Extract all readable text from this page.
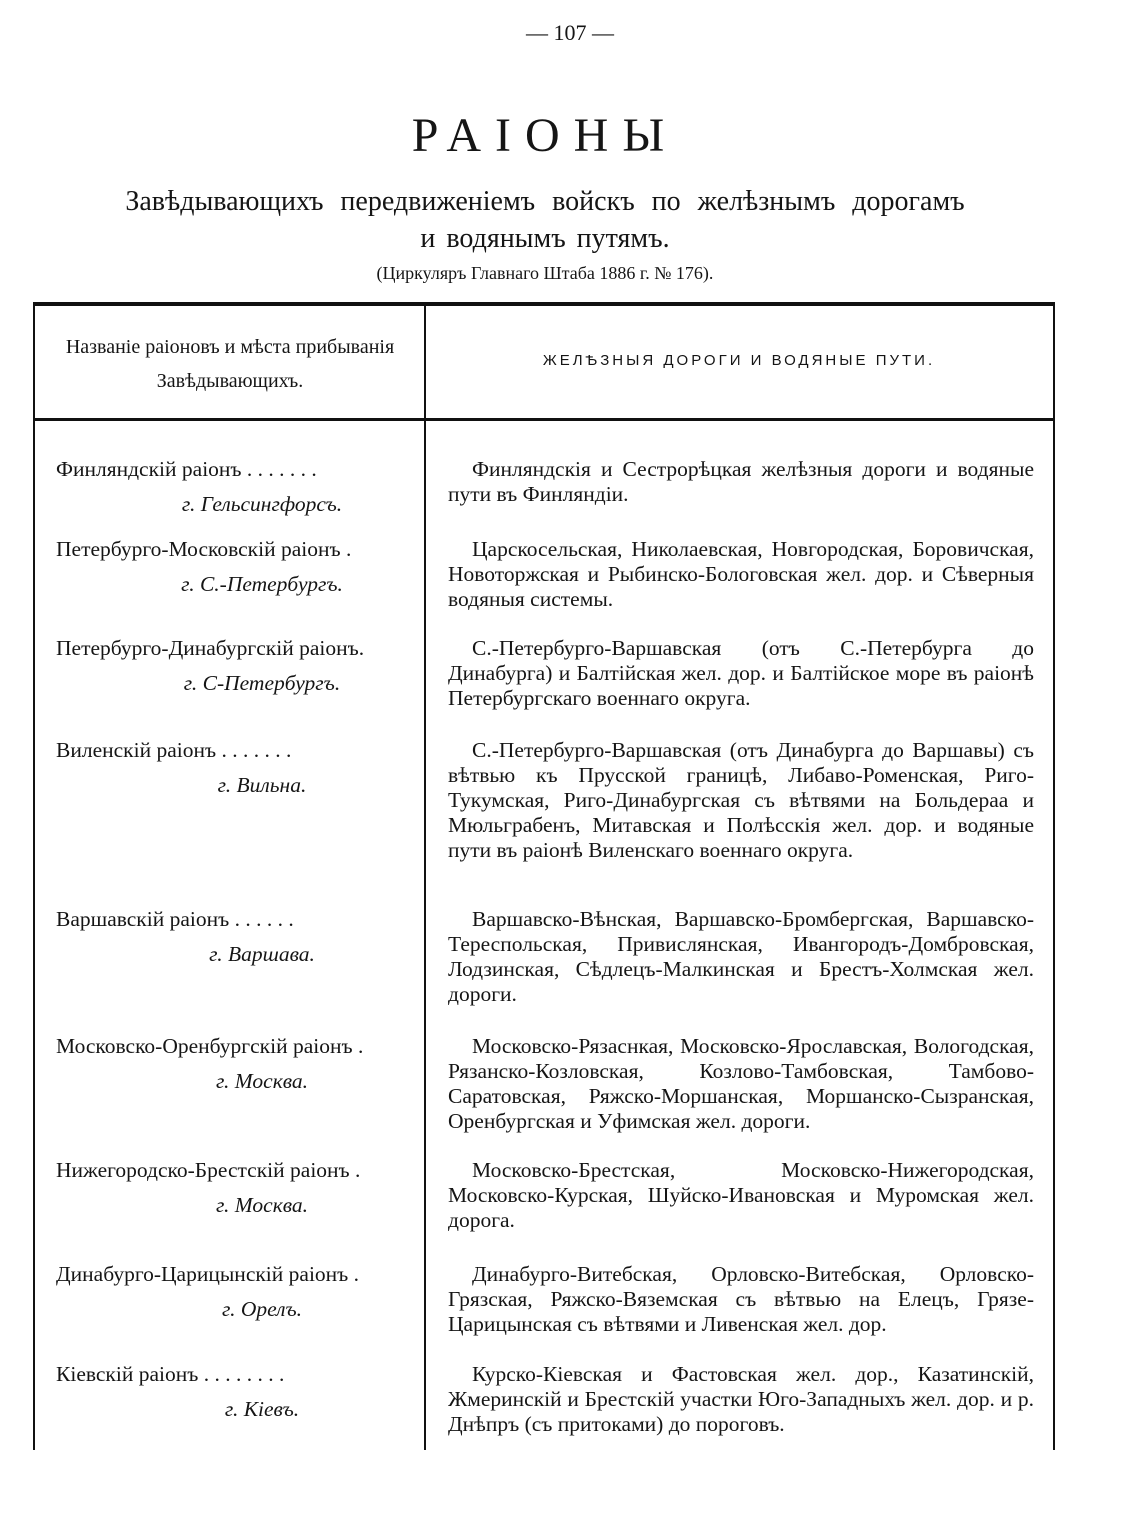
— 107 —
РАIОНЫ
Завѣдывающихъ передвиженiемъ войскъ по желѣзнымъ дорогамъ
и водянымъ путямъ.
(Циркуляръ Главнаго Штаба 1886 г. № 176).
Названiе раiоновъ и мѣста прибыванiя Завѣдывающихъ.
ЖЕЛѢЗНЫЯ ДОРОГИ И ВОДЯНЫЕ ПУТИ.
Финляндскiй раiонъ . . . . . . .
г. Гельсингфорсъ.

Финляндскiя и Сестрорѣцкая желѣзныя дороги и водяные пути въ Финляндiи.

Петербурго-Московскiй раiонъ .
г. С.-Петербургъ.

Царскосельская, Николаевская, Новгородская, Боровичская, Новоторжская и Рыбинско-Бологовская жел. дор. и Сѣверныя водяныя системы.

Петербурго-Динабургскiй раiонъ.
г. С-Петербургъ.

С.-Петербурго-Варшавская (отъ С.-Петербурга до Динабурга) и Балтiйская жел. дор. и Балтiйское море въ раiонѣ Петербургскаго военнаго округа.

Виленскiй раiонъ . . . . . . .
г. Вильна.

С.-Петербурго-Варшавская (отъ Динабурга до Варшавы) съ вѣтвью къ Прусской границѣ, Либаво-Роменская, Риго-Тукумская, Риго-Динабургская съ вѣтвями на Больдераа и Мюльграбенъ, Митавская и Полѣсскiя жел. дор. и водяные пути въ раiонѣ Виленскаго военнаго округа.

Варшавскiй раiонъ . . . . . .
г. Варшава.

Варшавско-Вѣнская, Варшавско-Бромбергская, Варшавско-Тереспольская, Привислянская, Ивангородъ-Домбровская, Лодзинская, Сѣдлецъ-Малкинская и Брестъ-Холмская жел. дороги.

Московско-Оренбургскiй раiонъ .
г. Москва.

Московско-Рязаснкая, Московско-Ярославская, Вологодская, Рязанско-Козловская, Козлово-Тамбовская, Тамбово-Саратовская, Ряжско-Моршанская, Моршанско-Сызранская, Оренбургская и Уфимская жел. дороги.

Нижегородско-Брестскiй раiонъ .
г. Москва.

Московско-Брестская, Московско-Нижегородская, Московско-Курская, Шуйско-Ивановская и Муромская жел. дорога.

Динабурго-Царицынскiй раiонъ .
г. Орелъ.

Динабурго-Витебская, Орловско-Витебская, Орловско-Грязская, Ряжско-Вяземская съ вѣтвью на Елецъ, Грязе-Царицынская съ вѣтвями и Ливенская жел. дор.

Кiевскiй раiонъ . . . . . . . .
г. Кiевъ.

Курско-Кiевская и Фастовская жел. дор., Казатинскiй, Жмеринскiй и Брестскiй участки Юго-Западныхъ жел. дор. и р. Днѣпръ (съ притоками) до пороговъ.
